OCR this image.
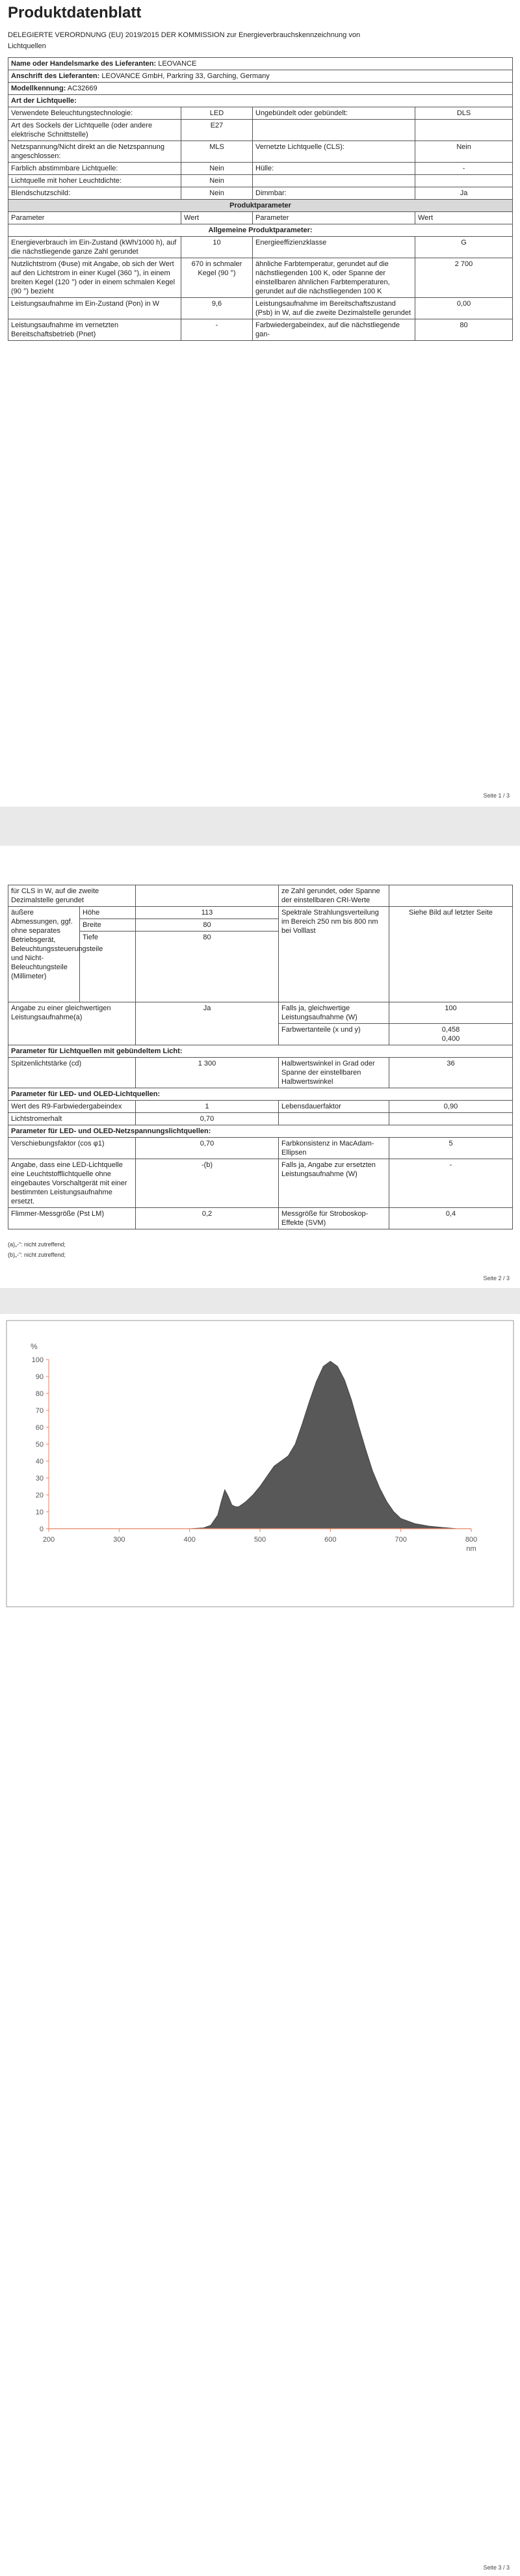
Produktdatenblatt
DELEGIERTE VERORDNUNG (EU) 2019/2015 DER KOMMISSION zur Energieverbrauchskennzeichnung von Lichtquellen
Name oder Handelsmarke des Lieferanten: LEOVANCE			
Anschrift des Lieferanten: LEOVANCE GmbH, Parkring 33, Garching, Germany			
Modellkennung: AC32669			
Art der Lichtquelle:			
Verwendete Beleuchtungstechnologie:	LED	Ungebündelt oder gebündelt:	DLS
Art des Sockels der Lichtquelle (oder andere elektrische Schnittstelle)	E27		
Netzspannung/Nicht direkt an die Netzspannung angeschlossen:	MLS	Vernetzte Lichtquelle (CLS):	Nein
Farblich abstimmbare Lichtquelle:	Nein	Hülle:	-
Lichtquelle mit hoher Leuchtdichte:	Nein		
Blendschutzschild:	Nein	Dimmbar:	Ja
Produktparameter			
Parameter	Wert	Parameter	Wert
Allgemeine Produktparameter:			
Energieverbrauch im Ein-Zustand (kWh/1000 h), auf die nächstliegende ganze Zahl gerundet	10	Energieeffizienzklasse	G
Nutzlichtstrom (Φuse) mit Angabe, ob sich der Wert auf den Lichtstrom in einer Kugel (360 °), in einem breiten Kegel (120 °) oder in einem schmalen Kegel (90 °) bezieht	670 in schmaler Kegel (90 °)	ähnliche Farbtemperatur, gerundet auf die nächstliegenden 100 K, oder Spanne der einstellbaren ähnlichen Farbtemperaturen, gerundet auf die nächstliegenden 100 K	2 700
Leistungsaufnahme im Ein-Zustand (Pon) in W	9,6	Leistungsaufnahme im Bereitschaftszustand (Psb) in W, auf die zweite Dezimalstelle gerundet	0,00
Leistungsaufnahme im vernetzten Bereitschaftsbetrieb (Pnet)	-	Farbwiedergabeindex, auf die nächstliegende gan-	80
Seite 1 / 3
für CLS in W, auf die zweite Dezimalstelle gerundet			ze Zahl gerundet, oder Spanne der einstellbaren CRI-Werte	
äußere Abmessungen, ggf. ohne separates Betriebsgerät, Beleuchtungssteuerungsteile und Nicht-Beleuchtungsteile (Millimeter)	Höhe	113	Spektrale Strahlungsverteilung im Bereich 250 nm bis 800 nm bei Volllast	Siehe Bild auf letzter Seite
	Breite	80		
	Tiefe	80		
Angabe zu einer gleichwertigen Leistungsaufnahme(a)		Ja	Falls ja, gleichwertige Leistungsaufnahme (W)	100
			Farbwertanteile (x und y)	0,458
0,400

Parameter für Lichtquellen mit gebündeltem Licht:				
Spitzenlichtstärke (cd)		1 300	Halbwertswinkel in Grad oder Spanne der einstellbaren Halbwertswinkel	36
Parameter für LED- und OLED-Lichtquellen:				
Wert des R9-Farbwiedergabeindex		1	Lebensdauerfaktor	0,90
Lichtstromerhalt		0,70		
Parameter für LED- und OLED-Netzspannungslichtquellen:				
Verschiebungsfaktor (cos φ1)		0,70	Farbkonsistenz in MacAdam-Ellipsen	5
Angabe, dass eine LED-Lichtquelle eine Leuchtstofflichtquelle ohne eingebautes Vorschaltgerät mit einer bestimmten Leistungsaufnahme ersetzt.		-(b)	Falls ja, Angabe zur ersetzten Leistungsaufnahme (W)	-
Flimmer-Messgröße (Pst LM)		0,2	Messgröße für Stroboskop-Effekte (SVM)	0,4
(a)„-“: nicht zutreffend;
(b)„-“: nicht zutreffend;
Seite 2 / 3
0
10
20
30
40
50
60
70
80
90
100
%
200	300	400	500	600	700	800
nm
Seite 3 / 3
